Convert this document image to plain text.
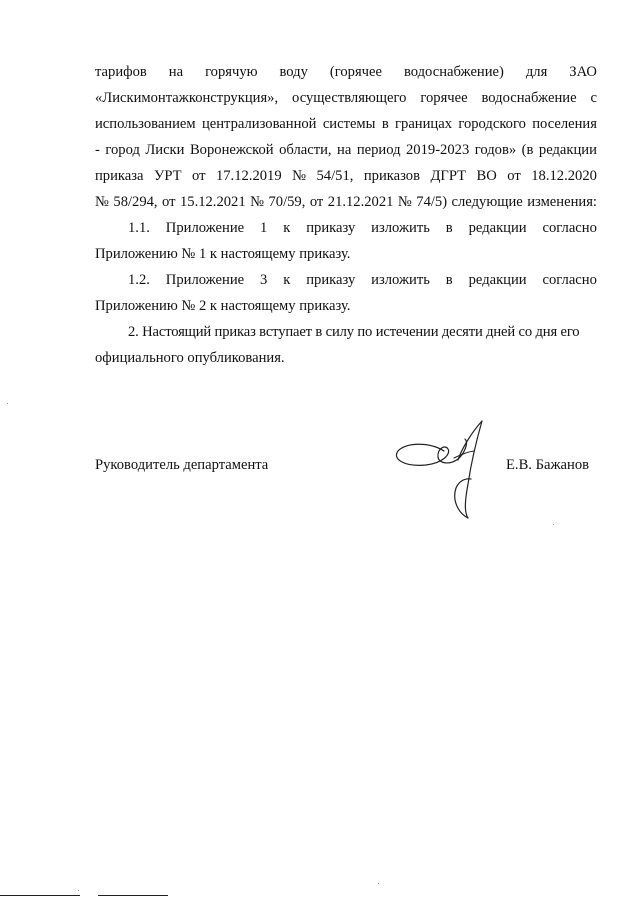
тарифов на горячую воду (горячее водоснабжение) для ЗАО
«Лискимонтажконструкция», осуществляющего горячее водоснабжение с
использованием централизованной системы в границах городского поселения
- город Лиски Воронежской области, на период 2019-2023 годов» (в редакции
приказа УРТ от 17.12.2019 № 54/51, приказов ДГРТ ВО от 18.12.2020
№ 58/294, от 15.12.2021 № 70/59, от 21.12.2021 № 74/5) следующие изменения:
1.1. Приложение 1 к приказу изложить в редакции согласно
Приложению № 1 к настоящему приказу.
1.2. Приложение 3 к приказу изложить в редакции согласно
Приложению № 2 к настоящему приказу.
2. Настоящий приказ вступает в силу по истечении десяти дней со дня его
официального опубликования.
Руководитель департамента	Е.В. Бажанов
